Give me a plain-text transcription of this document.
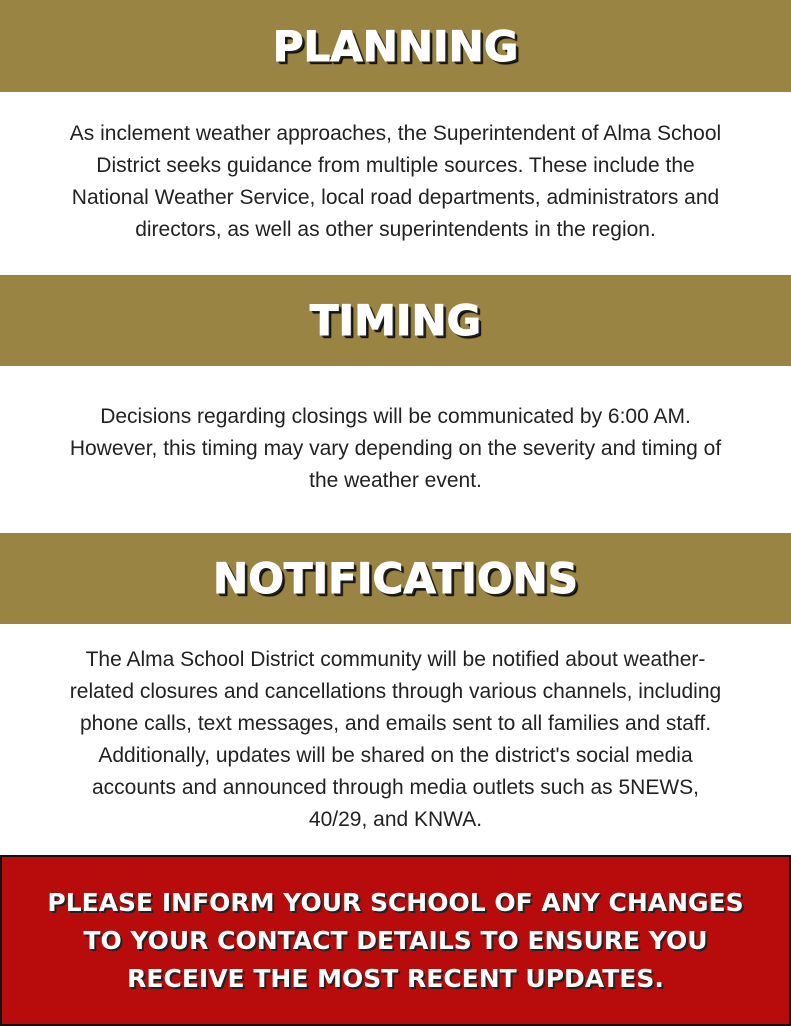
PLANNING
As inclement weather approaches, the Superintendent of Alma School
District seeks guidance from multiple sources. These include the
National Weather Service, local road departments, administrators and
directors, as well as other superintendents in the region.
TIMING
Decisions regarding closings will be communicated by 6:00 AM.
However, this timing may vary depending on the severity and timing of
the weather event.
NOTIFICATIONS
The Alma School District community will be notified about weather-
related closures and cancellations through various channels, including
phone calls, text messages, and emails sent to all families and staff.
Additionally, updates will be shared on the district's social media
accounts and announced through media outlets such as 5NEWS,
40/29, and KNWA.
PLEASE INFORM YOUR SCHOOL OF ANY CHANGES
TO YOUR CONTACT DETAILS TO ENSURE YOU
RECEIVE THE MOST RECENT UPDATES.
